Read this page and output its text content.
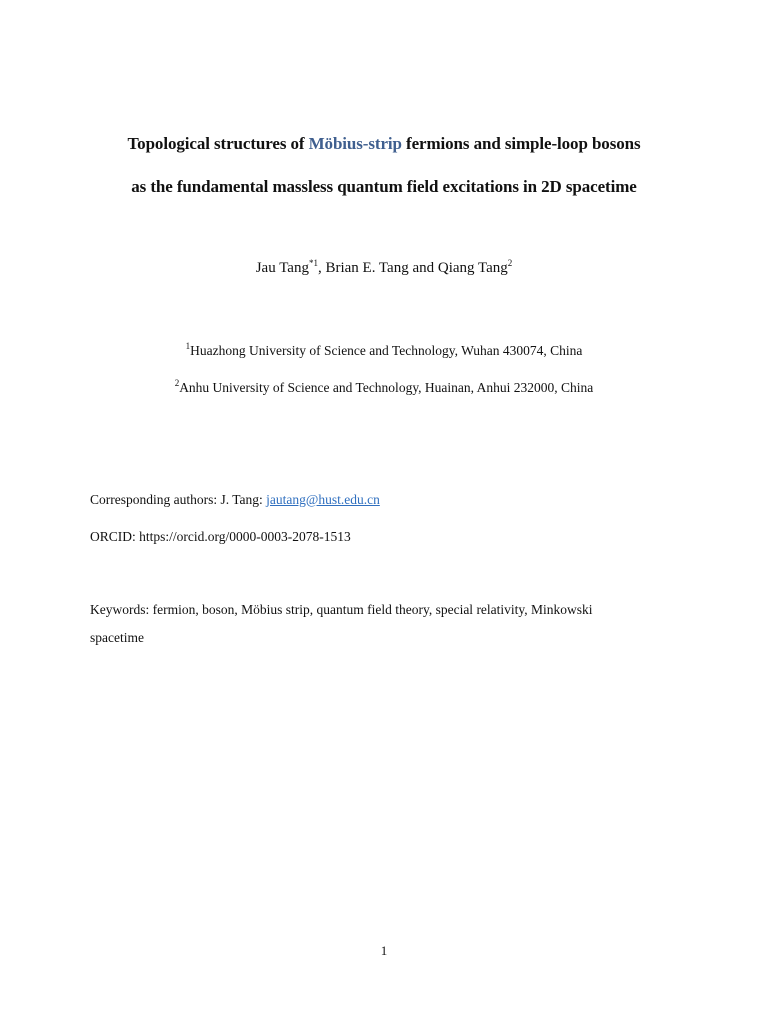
Topological structures of Möbius-strip fermions and simple-loop bosons
as the fundamental massless quantum field excitations in 2D spacetime
Jau Tang$^{*1}$, Brian E. Tang and Qiang Tang$^2$
$^1$Huazhong University of Science and Technology, Wuhan 430074, China
$^2$Anhu University of Science and Technology, Huainan, Anhui 232000, China
Corresponding authors: J. Tang: jautang@hust.edu.cn
ORCID: https://orcid.org/0000-0003-2078-1513
Keywords: fermion, boson, Möbius strip, quantum field theory, special relativity, Minkowski
spacetime
1
